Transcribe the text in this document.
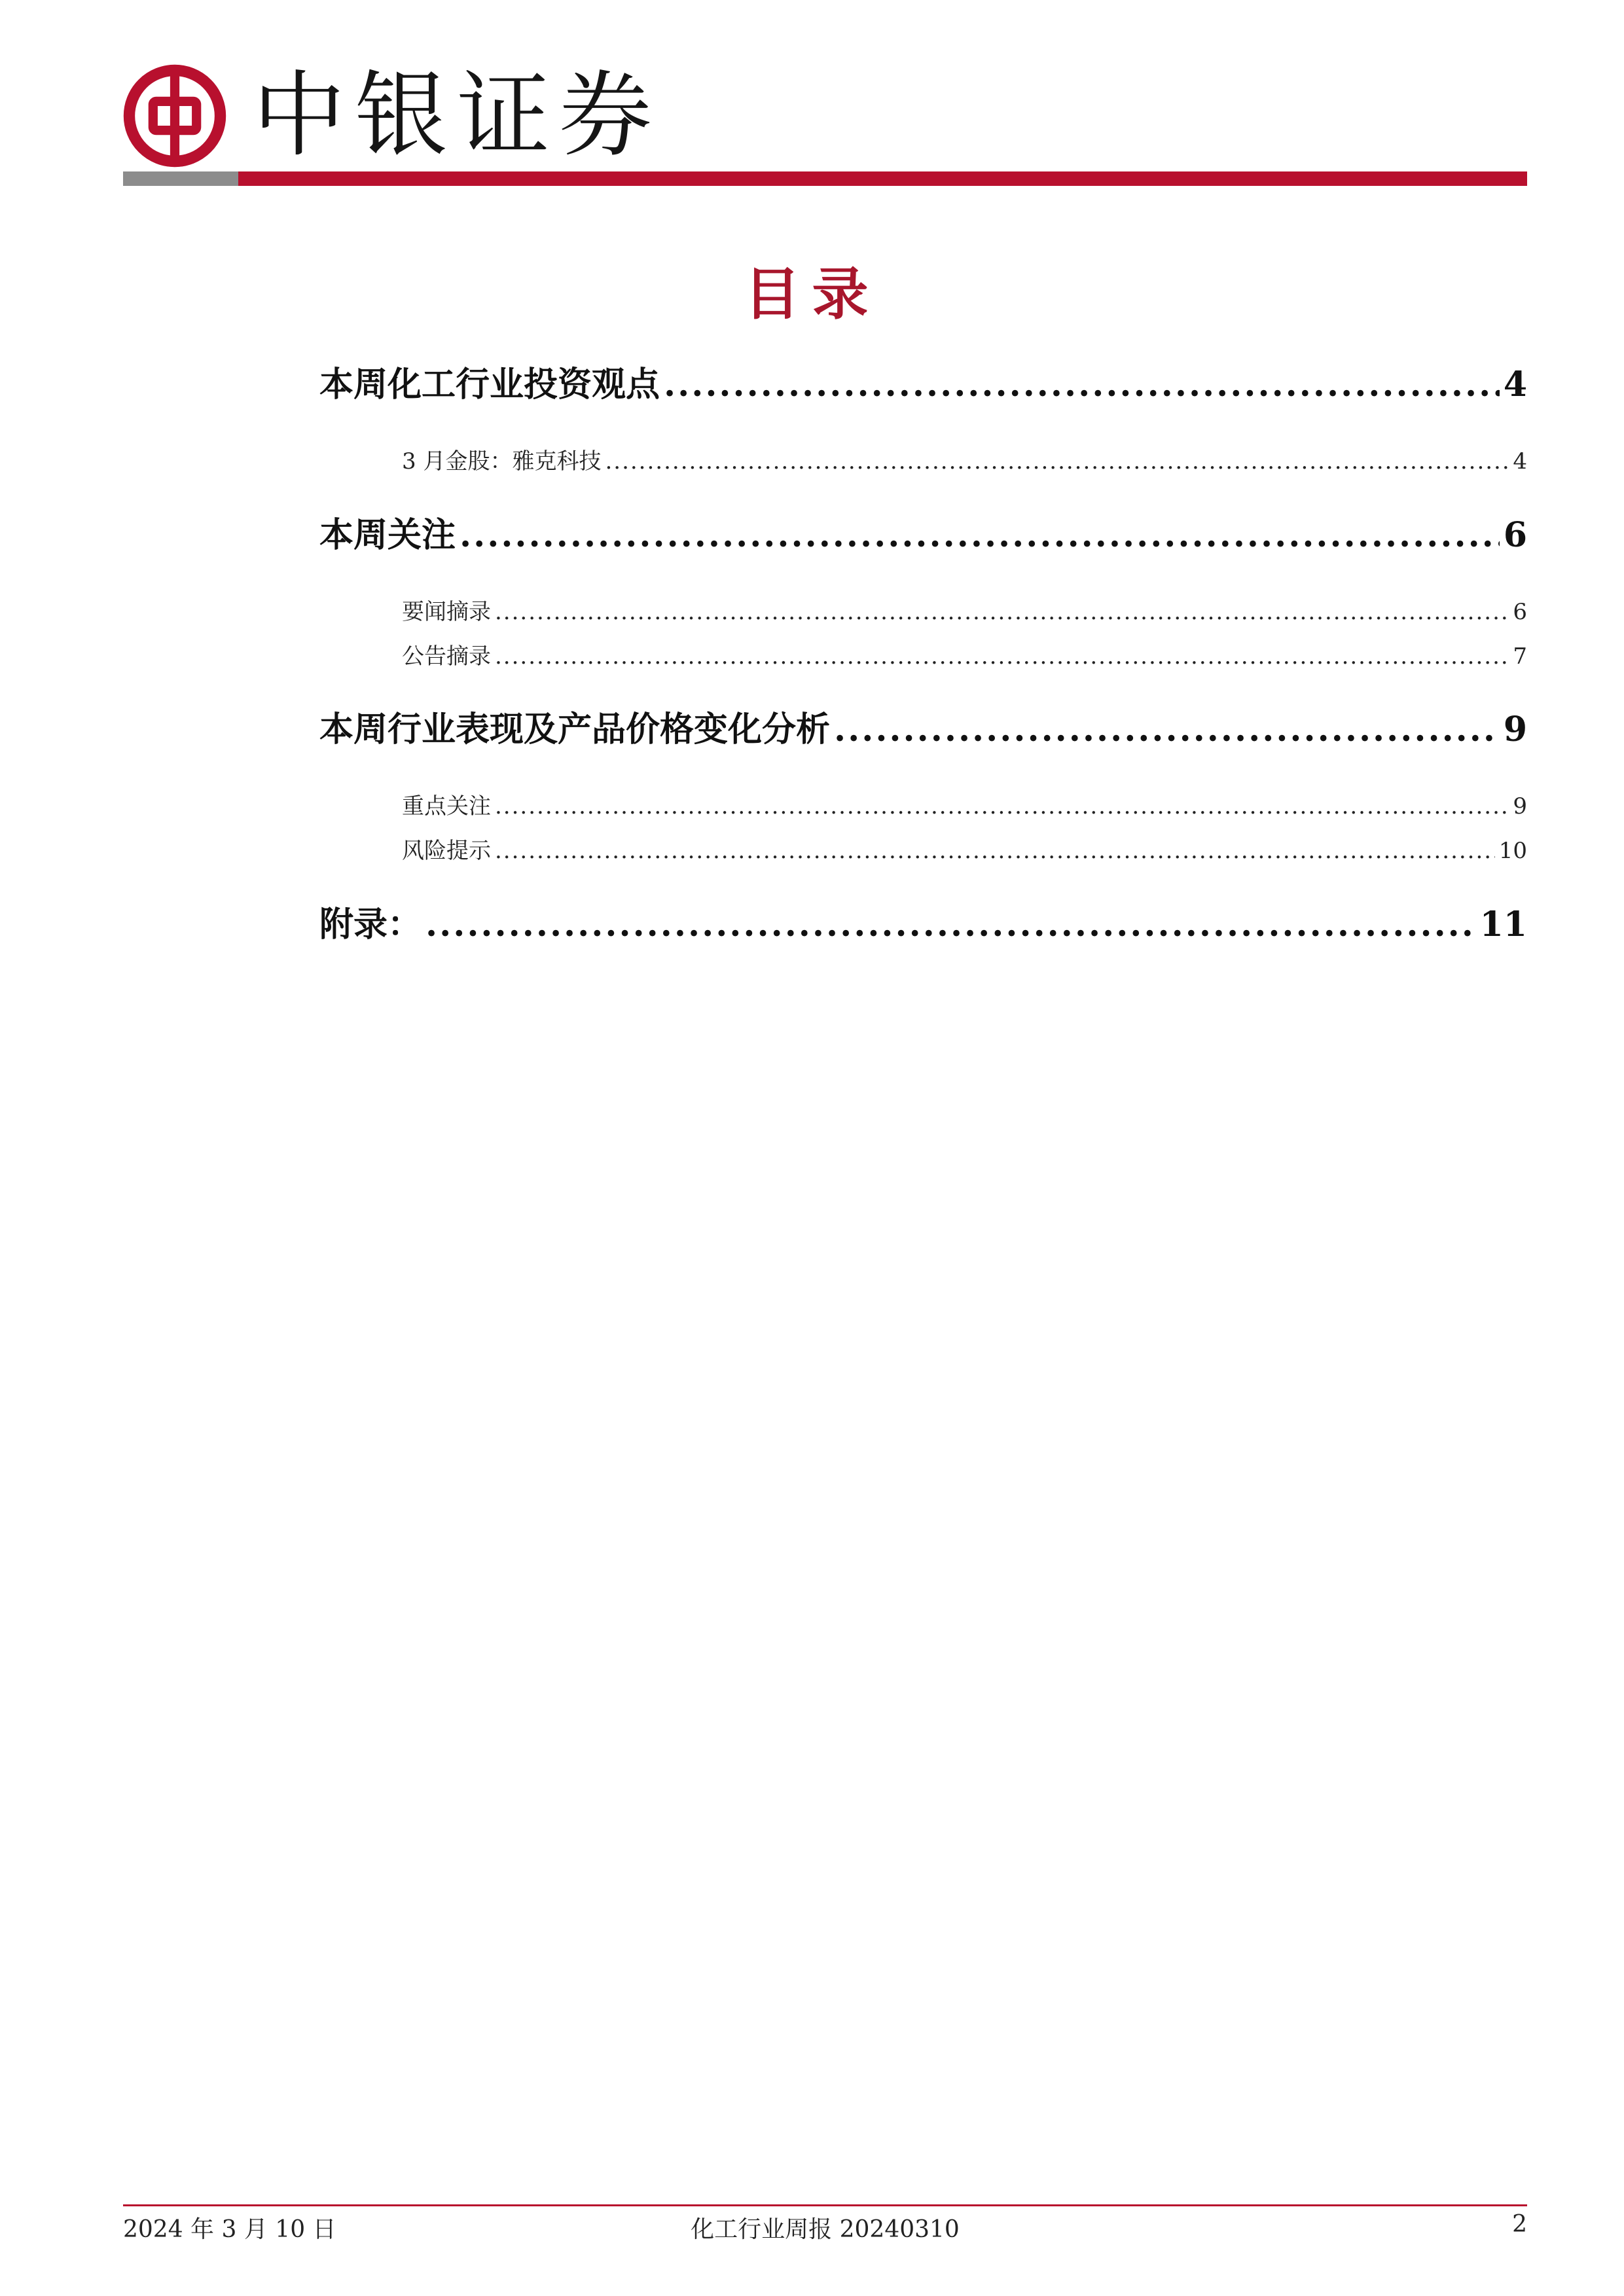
中银证券
目录
本周化工行业投资观点 .....	4
3 月金股：雅克科技 .....	4
本周关注 .....	6
要闻摘录 .....	6
公告摘录 .....	7
本周行业表现及产品价格变化分析 .....	9
重点关注 .....	9
风险提示 .....	10
附录： .....	11
2024 年 3 月 10 日	化工行业周报 20240310	2
